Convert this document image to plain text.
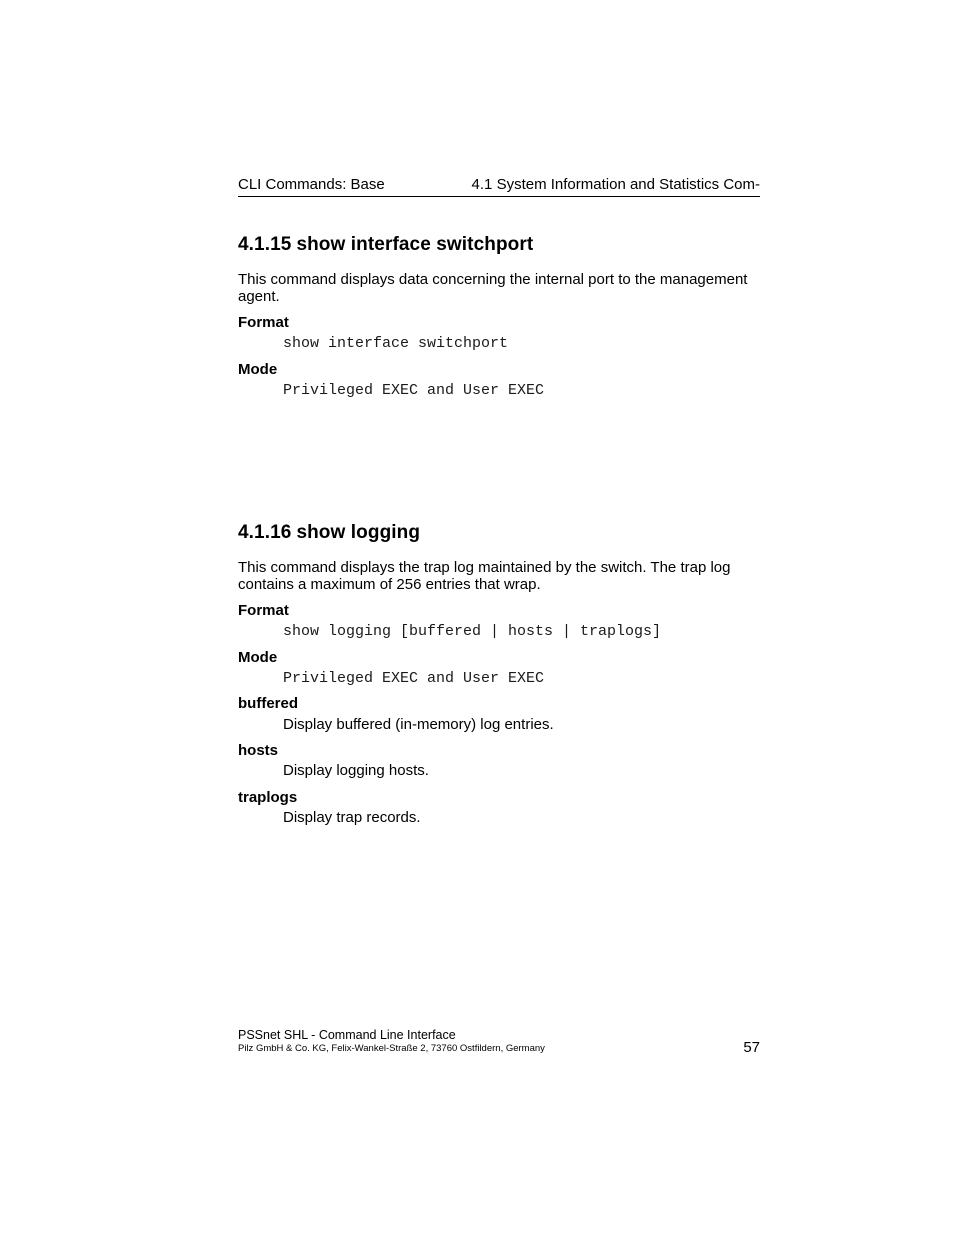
CLI Commands: Base	4.1 System Information and Statistics Com-
4.1.15 show interface switchport
This command displays data concerning the internal port to the management agent.
Format
show interface switchport
Mode
Privileged EXEC and User EXEC
4.1.16 show logging
This command displays the trap log maintained by the switch. The trap log contains a maximum of 256 entries that wrap.
Format
show logging [buffered | hosts | traplogs]
Mode
Privileged EXEC and User EXEC
buffered
Display buffered (in-memory) log entries.
hosts
Display logging hosts.
traplogs
Display trap records.
PSSnet SHL - Command Line Interface
Pilz GmbH & Co. KG, Felix-Wankel-Straße 2, 73760 Ostfildern, Germany	57
